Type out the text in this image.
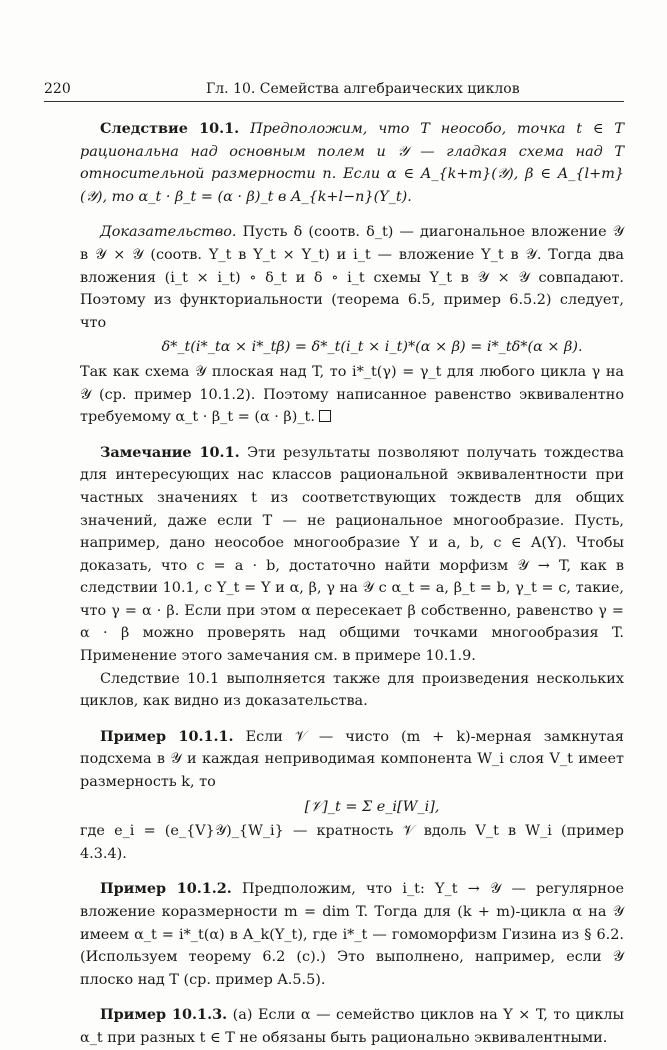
220	Гл. 10. Семейства алгебраических циклов

Следствие 10.1. Предположим, что T неособо, точка t ∈ T рациональна над основным полем и 𝒴 — гладкая схема над T относительной размерности n. Если α ∈ A_{k+m}(𝒴), β ∈ A_{l+m}(𝒴), то α_t · β_t = (α · β)_t в A_{k+l−n}(Y_t).

Доказательство. Пусть δ (соотв. δ_t) — диагональное вложение 𝒴 в 𝒴 × 𝒴 (соотв. Y_t в Y_t × Y_t) и i_t — вложение Y_t в 𝒴. Тогда два вложения (i_t × i_t) ∘ δ_t и δ ∘ i_t схемы Y_t в 𝒴 × 𝒴 совпадают. Поэтому из функториальности (теорема 6.5, пример 6.5.2) следует, что

δ*_t(i*_tα × i*_tβ) = δ*_t(i_t × i_t)*(α × β) = i*_tδ*(α × β).

Так как схема 𝒴 плоская над T, то i*_t(γ) = γ_t для любого цикла γ на 𝒴 (ср. пример 10.1.2). Поэтому написанное равенство эквивалентно требуемому α_t · β_t = (α · β)_t.

Замечание 10.1. Эти результаты позволяют получать тождества для интересующих нас классов рациональной эквивалентности при частных значениях t из соответствующих тождеств для общих значений, даже если T — не рациональное многообразие. Пусть, например, дано неособое многообразие Y и a, b, c ∈ A(Y). Чтобы доказать, что c = a · b, достаточно найти морфизм 𝒴 → T, как в следствии 10.1, с Y_t = Y и α, β, γ на 𝒴 с α_t = a, β_t = b, γ_t = c, такие, что γ = α · β. Если при этом α пересекает β собственно, равенство γ = α · β можно проверять над общими точками многообразия T. Применение этого замечания см. в примере 10.1.9.

Следствие 10.1 выполняется также для произведения нескольких циклов, как видно из доказательства.

Пример 10.1.1. Если 𝒱 — чисто (m + k)-мерная замкнутая подсхема в 𝒴 и каждая неприводимая компонента W_i слоя V_t имеет размерность k, то

[𝒱]_t = Σ e_i[W_i],

где e_i = (e_{V}𝒴)_{W_i} — кратность 𝒱 вдоль V_t в W_i (пример 4.3.4).

Пример 10.1.2. Предположим, что i_t: Y_t → 𝒴 — регулярное вложение коразмерности m = dim T. Тогда для (k + m)-цикла α на 𝒴 имеем α_t = i*_t(α) в A_k(Y_t), где i*_t — гомоморфизм Гизина из § 6.2. (Используем теорему 6.2 (c).) Это выполнено, например, если 𝒴 плоско над T (ср. пример A.5.5).

Пример 10.1.3. (a) Если α — семейство циклов на Y × T, то циклы α_t при разных t ∈ T не обязаны быть рационально эквивалентными.
